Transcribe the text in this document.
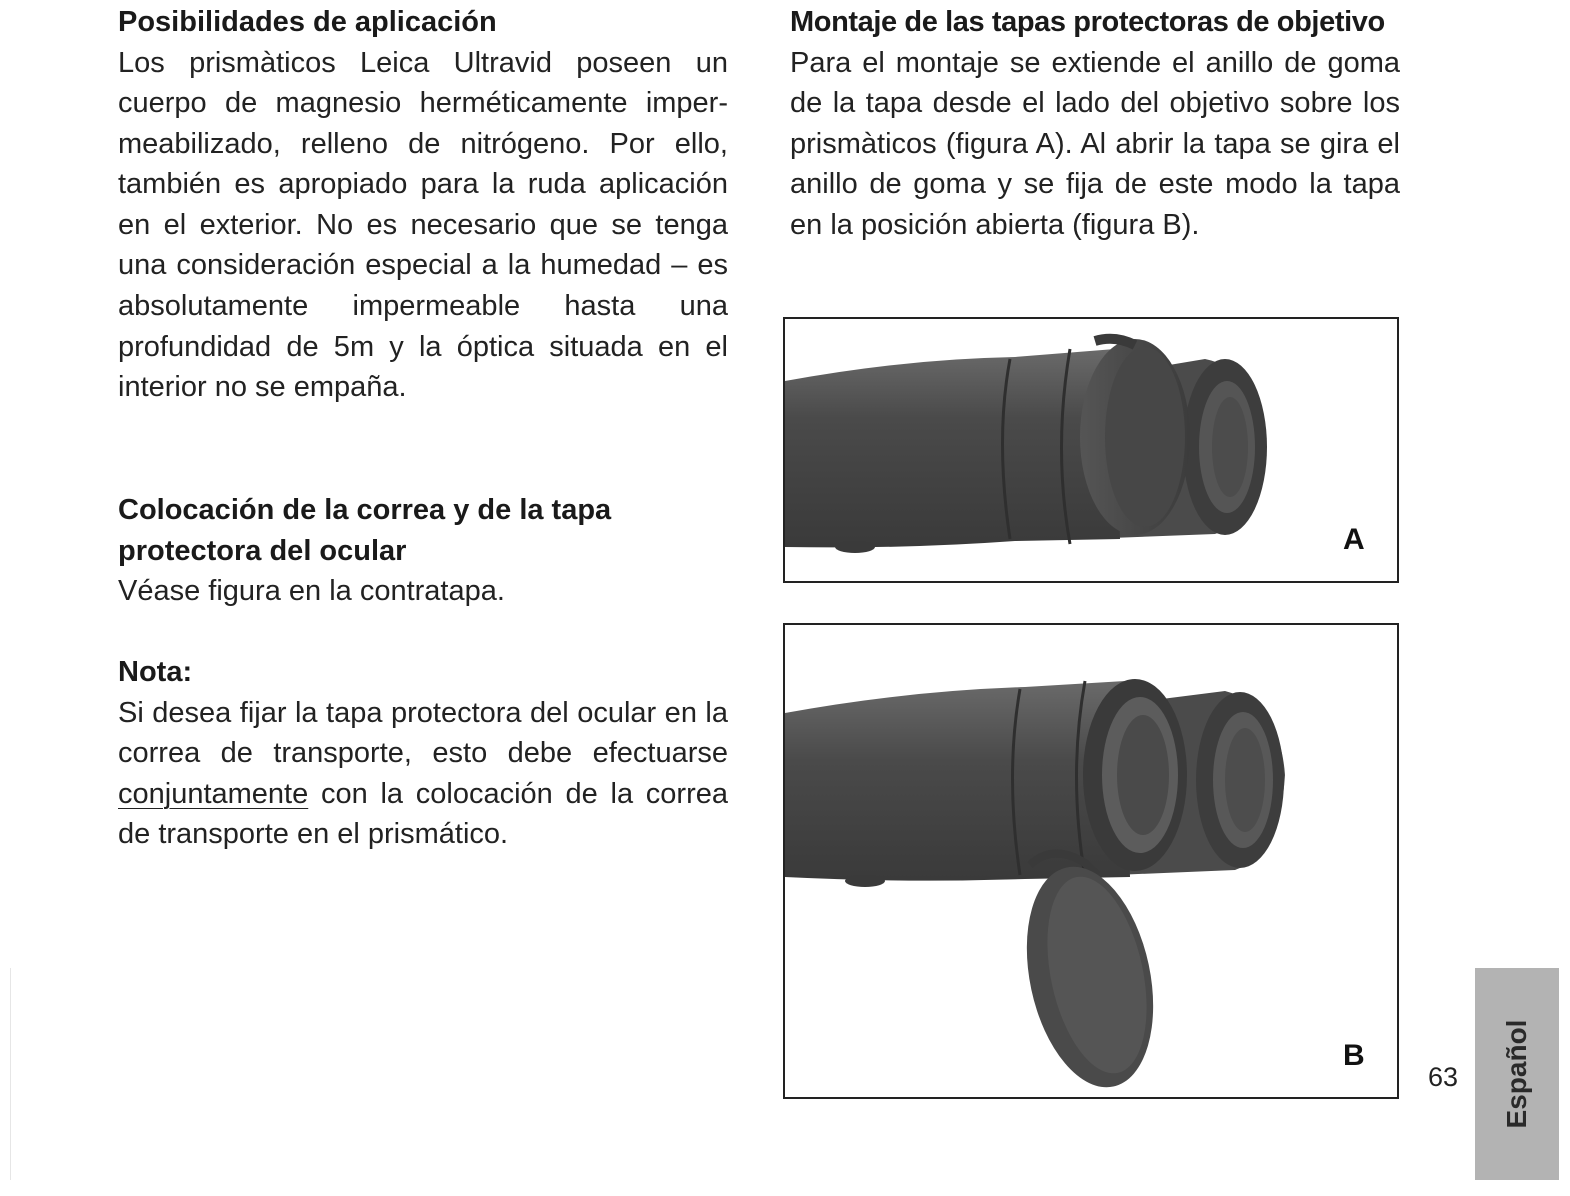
Posibilidades de aplicación

Los prismàticos Leica Ultravid poseen un cuerpo de magnesio herméticamente imper-meabilizado, relleno de nitrógeno. Por ello, también es apropiado para la ruda aplicación en el exterior. No es necesario que se tenga una consideración especial a la humedad – es absolutamente impermeable hasta una profundidad de 5m y la óptica situada en el interior no se empaña.

Colocación de la correa y de la tapa protectora del ocular

Véase figura en la contratapa.

Nota:

Si desea fijar la tapa protectora del ocular en la correa de transporte, esto debe efectuarse conjuntamente con la colocación de la correa de transporte en el prismático.

Montaje de las tapas protectoras de objetivo

Para el montaje se extiende el anillo de goma de la tapa desde el lado del objetivo sobre los prismàticos (figura A). Al abrir la tapa se gira el anillo de goma y se fija de este modo la tapa en la posición abierta (figura B).

A
B
63 Español
